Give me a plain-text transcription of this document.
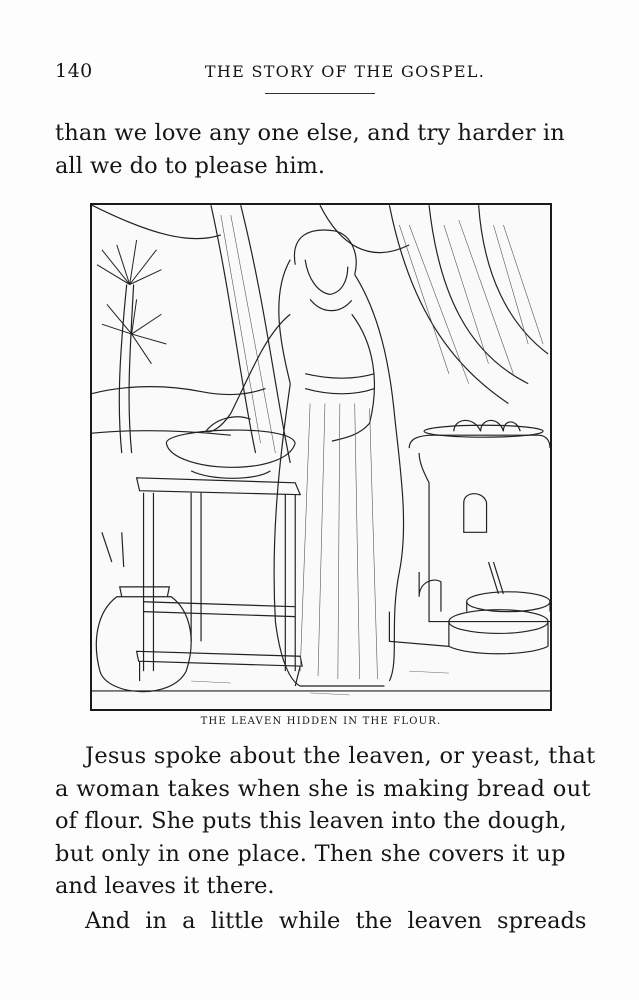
140	THE STORY OF THE GOSPEL.
than we love any one else, and try harder in
all we do to please him.
THE LEAVEN HIDDEN IN THE FLOUR.
Jesus spoke about the leaven, or yeast, that
a woman takes when she is making bread out
of flour. She puts this leaven into the dough,
but only in one place. Then she covers it up
and leaves it there.
And in a little while the leaven spreads
